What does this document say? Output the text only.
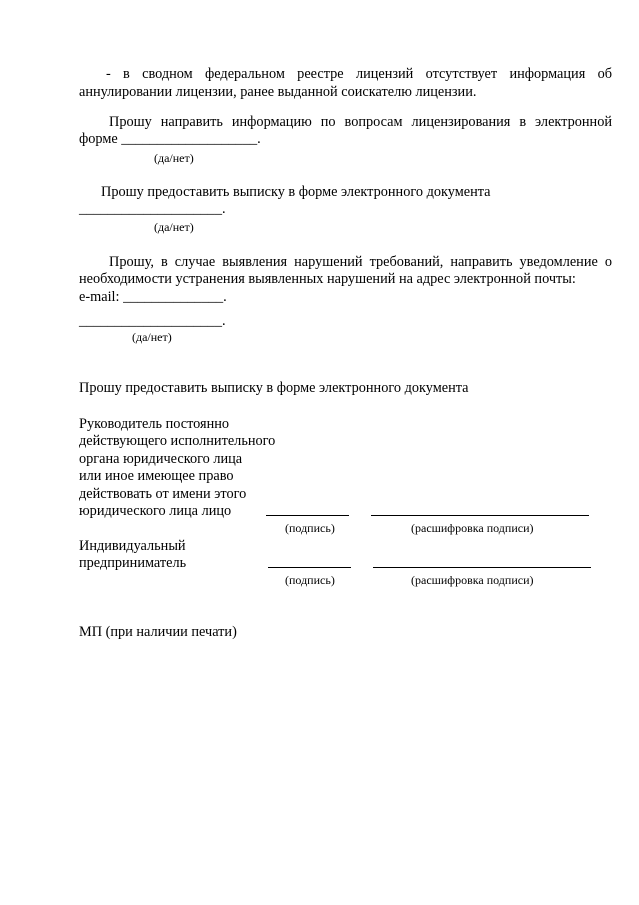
- в сводном федеральном реестре лицензий отсутствует информация об
аннулировании лицензии, ранее выданной соискателю лицензии.
Прошу направить информацию по вопросам лицензирования в электронной
форме ___________________.
(да/нет)
Прошу предоставить выписку в форме электронного документа
____________________.
(да/нет)
Прошу, в случае выявления нарушений требований, направить уведомление о
необходимости устранения выявленных нарушений на адрес электронной почты:
e-mail: ______________.
____________________.
(да/нет)
Прошу предоставить выписку в форме электронного документа
Руководитель постоянно
действующего исполнительного
органа юридического лица
или иное имеющее право
действовать от имени этого
юридического лица лицо
(подпись)	(расшифровка подписи)
Индивидуальный
предприниматель
(подпись)	(расшифровка подписи)
МП (при наличии печати)
